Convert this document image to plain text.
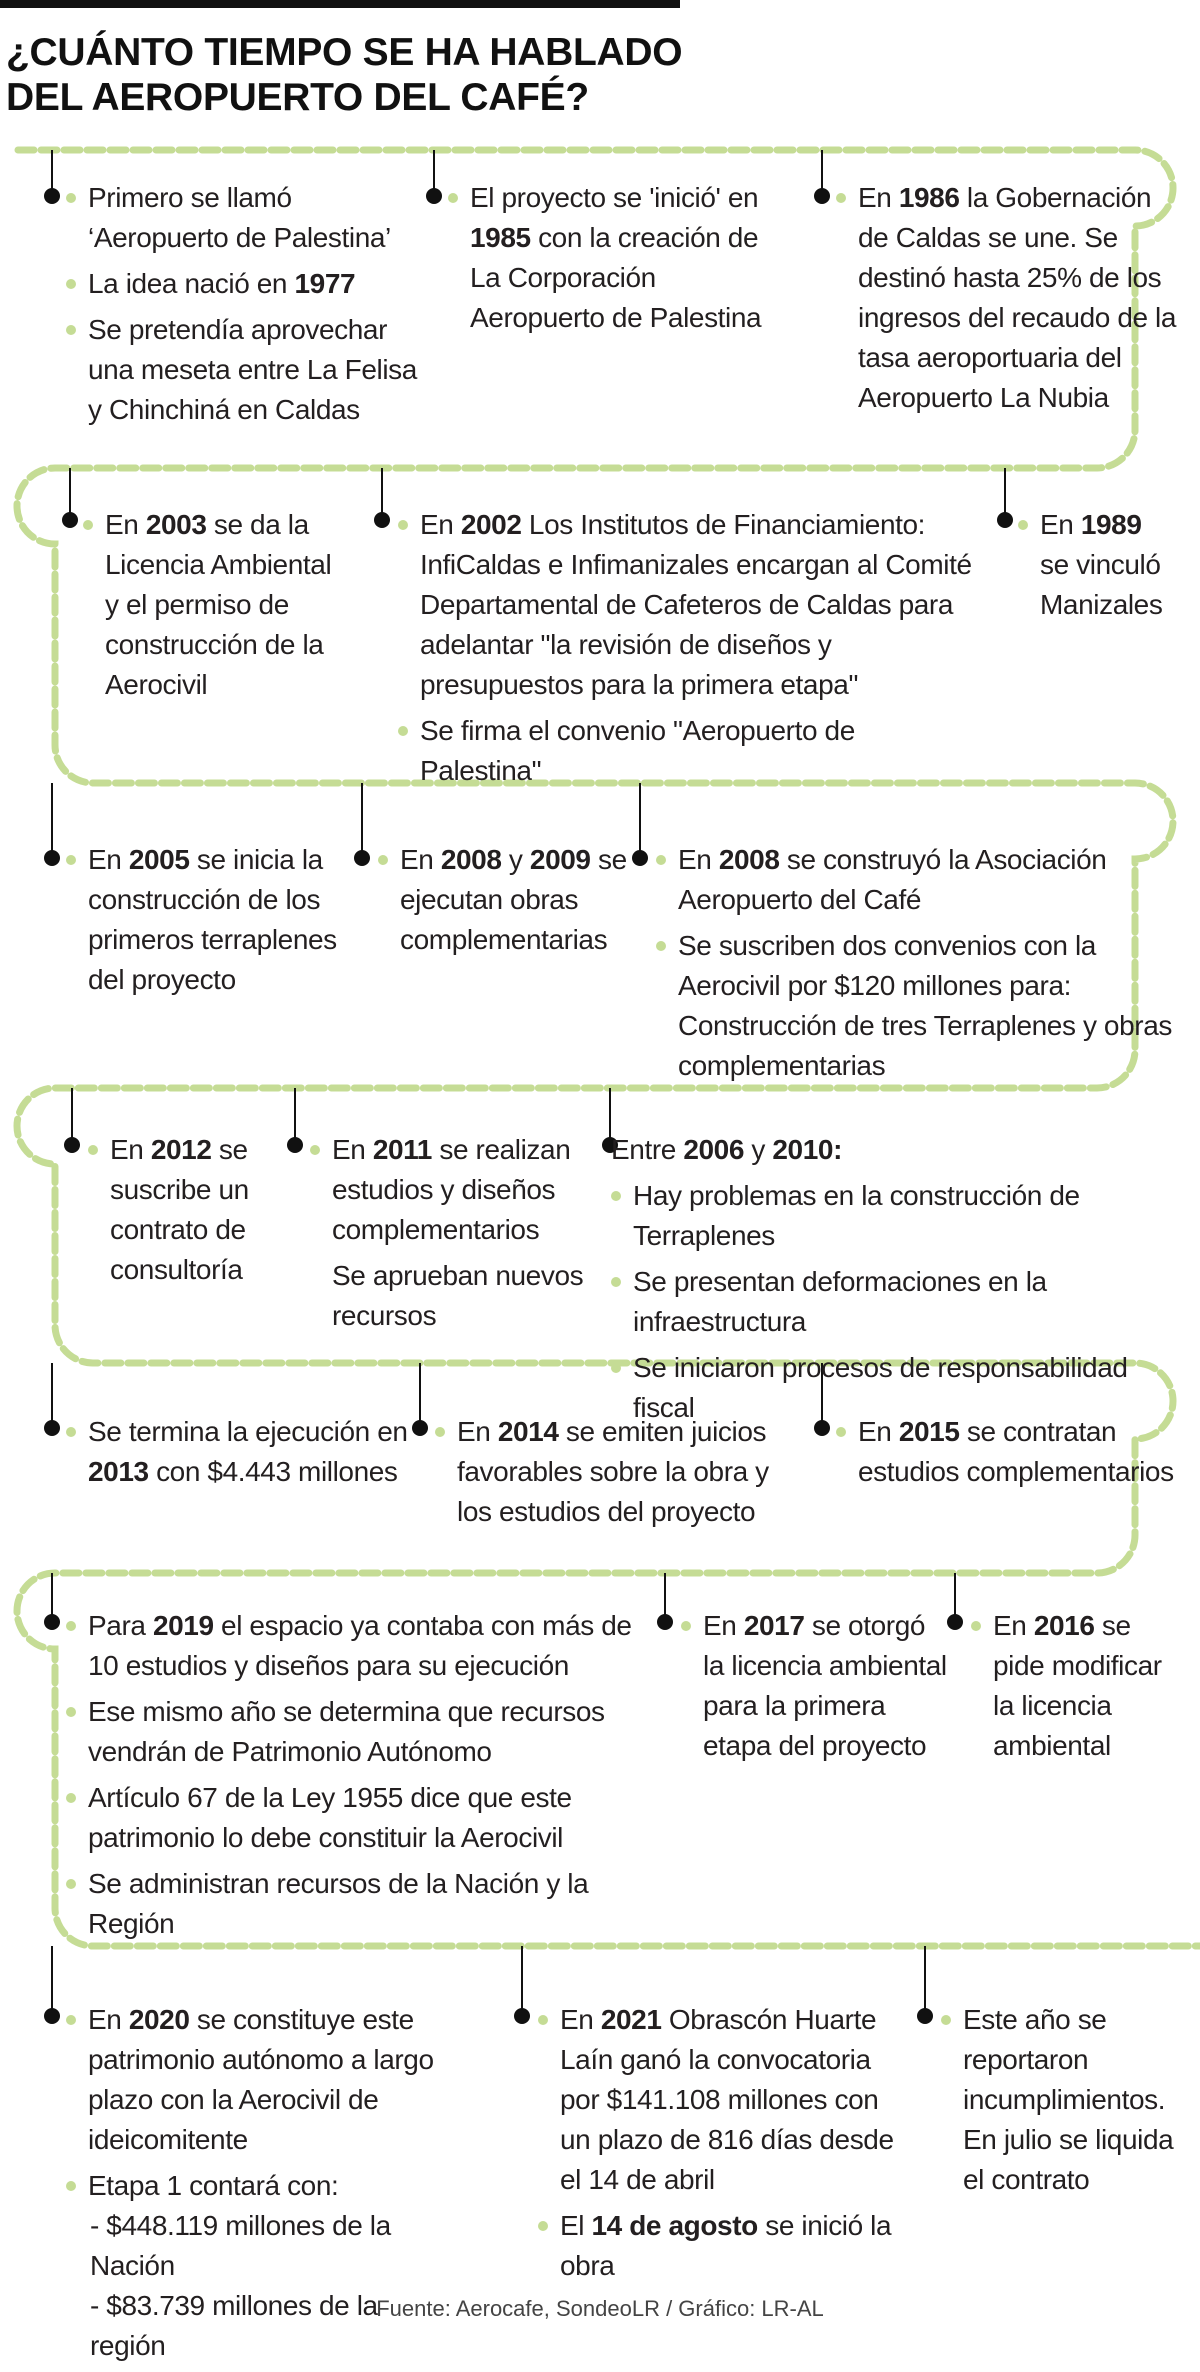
¿CUÁNTO TIEMPO SE HA HABLADO
DEL AEROPUERTO DEL CAFÉ?
Primero se llamó ‘Aeropuerto de Palestina’
La idea nació en 1977
Se pretendía aprovechar una meseta entre La Felisa y Chinchiná en Caldas
El proyecto se 'inició' en 1985 con la creación de La Corporación Aeropuerto de Palestina
En 1986 la Gobernación de Caldas se une. Se destinó hasta 25% de los ingresos del recaudo de la tasa aeroportuaria del Aeropuerto La Nubia
En 2003 se da la Licencia Ambiental y el permiso de construcción de la Aerocivil
En 2002 Los Institutos de Financiamiento: InfiCaldas e Infimanizales encargan al Comité Departamental de Cafeteros de Caldas para adelantar "la revisión de diseños y presupuestos para la primera etapa"
Se firma el convenio "Aeropuerto de Palestina"
En 1989 se vinculó Manizales
En 2005 se inicia la construcción de los primeros terraplenes del proyecto
En 2008 y 2009 se ejecutan obras complementarias
En 2008 se construyó la Asociación Aeropuerto del Café
Se suscriben dos convenios con la Aerocivil por $120 millones para: Construcción de tres Terraplenes y obras complementarias
En 2012 se suscribe un contrato de consultoría
En 2011 se realizan estudios y diseños complementarios
Se aprueban nuevos recursos
Entre 2006 y 2010:
Hay problemas en la construcción de Terraplenes
Se presentan deformaciones en la infraestructura
Se iniciaron procesos de responsabilidad fiscal
Se termina la ejecución en 2013 con $4.443 millones
En 2014 se emiten juicios favorables sobre la obra y los estudios del proyecto
En 2015 se contratan estudios complementarios
Para 2019 el espacio ya contaba con más de 10 estudios y diseños para su ejecución
Ese mismo año se determina que recursos vendrán de Patrimonio Autónomo
Artículo 67 de la Ley 1955 dice que este patrimonio lo debe constituir la Aerocivil
Se administran recursos de la Nación y la Región
En 2017 se otorgó la licencia ambiental para la primera etapa del proyecto
En 2016 se pide modificar la licencia ambiental
En 2020 se constituye este patrimonio autónomo a largo plazo con la Aerocivil de ideicomitente
Etapa 1 contará con:
- $448.119 millones de la Nación
- $83.739 millones de la región
En 2021 Obrascón Huarte Laín ganó la convocatoria por $141.108 millones con un plazo de 816 días desde el 14 de abril
El 14 de agosto se inició la obra
Este año se reportaron incumplimientos. En julio se liquida el contrato
Fuente: Aerocafe, SondeoLR / Gráfico: LR-AL
